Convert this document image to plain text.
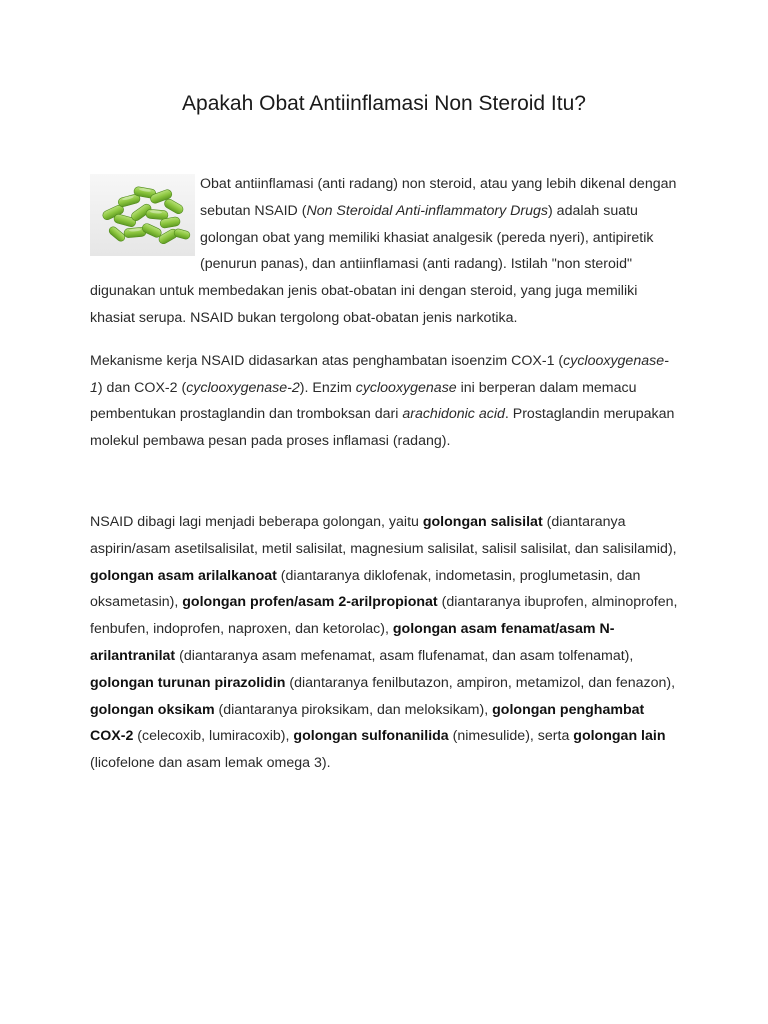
Apakah Obat Antiinflamasi Non Steroid Itu?

Obat antiinflamasi (anti radang) non steroid, atau yang lebih dikenal dengan sebutan NSAID (Non Steroidal Anti-inflammatory Drugs) adalah suatu golongan obat yang memiliki khasiat analgesik (pereda nyeri), antipiretik (penurun panas), dan antiinflamasi (anti radang). Istilah "non steroid" digunakan untuk membedakan jenis obat-obatan ini dengan steroid, yang juga memiliki khasiat serupa. NSAID bukan tergolong obat-obatan jenis narkotika.

Mekanisme kerja NSAID didasarkan atas penghambatan isoenzim COX-1 (cyclooxygenase-1) dan COX-2 (cyclooxygenase-2). Enzim cyclooxygenase ini berperan dalam memacu pembentukan prostaglandin dan tromboksan dari arachidonic acid. Prostaglandin merupakan molekul pembawa pesan pada proses inflamasi (radang).

NSAID dibagi lagi menjadi beberapa golongan, yaitu golongan salisilat (diantaranya aspirin/asam asetilsalisilat, metil salisilat, magnesium salisilat, salisil salisilat, dan salisilamid), golongan asam arilalkanoat (diantaranya diklofenak, indometasin, proglumetasin, dan oksametasin), golongan profen/asam 2-arilpropionat (diantaranya ibuprofen, alminoprofen, fenbufen, indoprofen, naproxen, dan ketorolac), golongan asam fenamat/asam N-arilantranilat (diantaranya asam mefenamat, asam flufenamat, dan asam tolfenamat), golongan turunan pirazolidin (diantaranya fenilbutazon, ampiron, metamizol, dan fenazon), golongan oksikam (diantaranya piroksikam, dan meloksikam), golongan penghambat COX-2 (celecoxib, lumiracoxib), golongan sulfonanilida (nimesulide), serta golongan lain (licofelone dan asam lemak omega 3).
